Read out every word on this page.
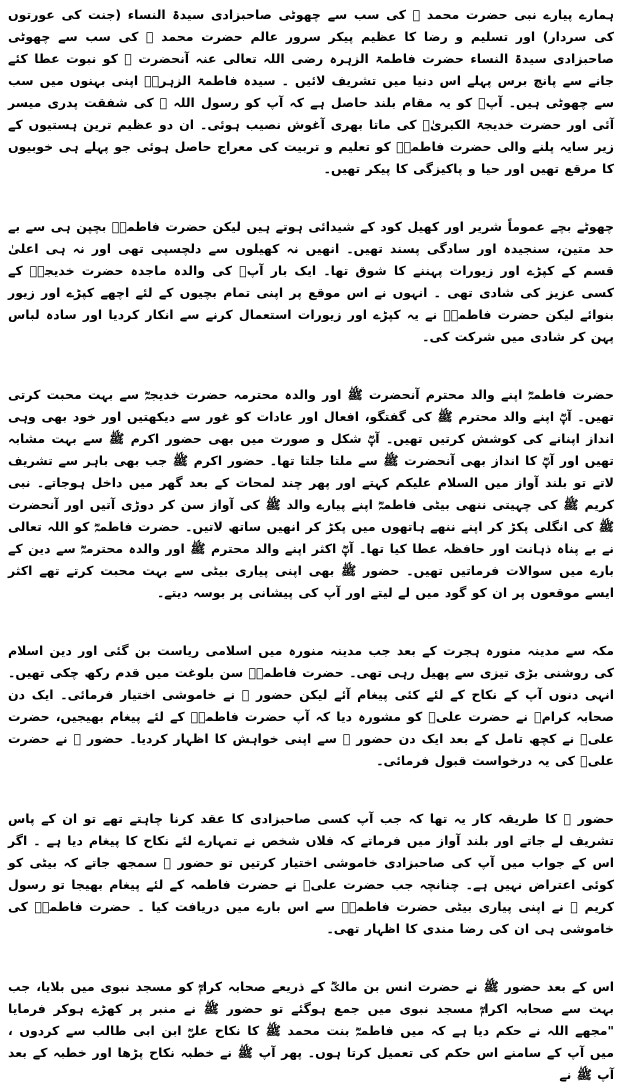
ہمارے پیارے نبی حضرت محمد ﷺ کی سب سے چھوٹی صاحبزادی سیدۃ النساء (جنت کی عورتوں کی سردار) اور تسلیم و رضا کا عظیم پیکر سرور عالم حضرت محمد ﷺ کی سب سے چھوٹی صاحبزادی سیدۃ النساء حضرت فاطمۃ الزہرہ رضی اللہ تعالی عنہ آنحضرت ﷺ کو نبوت عطا کئے جانے سے پانچ برس پہلے اس دنیا میں تشریف لائیں ۔ سیدہ فاطمۃ الزہرہؓ اپنی بہنوں میں سب سے چھوٹی ہیں۔ آپؓ کو یہ مقام بلند حاصل ہے کہ آپ کو رسول اللہ ﷺ کی شفقت پدری میسر آئی اور حضرت خدیجۃ الکبریٰؓ کی ماتا بھری آغوش نصیب ہوئی۔ ان دو عظیم ترین ہستیوں کے زیر سایہ پلنے والی حضرت فاطمہؓ کو تعلیم و تربیت کی معراج حاصل ہوئی جو پہلے ہی خوبیوں کا مرقع تھیں اور حیا و پاکیزگی کا پیکر تھیں۔

چھوٹے بچے عموماً شریر اور کھیل کود کے شیدائی ہوتے ہیں لیکن حضرت فاطمہؓ بچپن ہی سے بے حد متین، سنجیدہ اور سادگی پسند تھیں۔ انھیں نہ کھیلوں سے دلچسپی تھی اور نہ ہی اعلیٰ قسم کے کپڑے اور زیورات پہننے کا شوق تھا۔ ایک بار آپؓ کی والدہ ماجدہ حضرت خدیجہؓ کے کسی عزیز کی شادی تھی ۔ انہوں نے اس موقع پر اپنی تمام بچیوں کے لئے اچھے کپڑے اور زیور بنوائے لیکن حضرت فاطمہؓ نے یہ کپڑے اور زیورات استعمال کرنے سے انکار کردیا اور سادہ لباس پہن کر شادی میں شرکت کی۔

حضرت فاطمہؓ اپنے والد محترم آنحضرت ﷺ اور والدہ محترمہ حضرت خدیجہؓ سے بہت محبت کرتی تھیں۔ آپؓ اپنے والد محترم ﷺ کی گفتگو، افعال اور عادات کو غور سے دیکھتیں اور خود بھی وہی انداز اپنانے کی کوشش کرتیں تھیں۔ آپؓ شکل و صورت میں بھی حضور اکرم ﷺ سے بہت مشابہ تھیں اور آپؓ کا انداز بھی آنحضرت ﷺ سے ملتا جلتا تھا۔ حضور اکرم ﷺ جب بھی باہر سے تشریف لاتے تو بلند آواز میں السلام علیکم کہتے اور پھر چند لمحات کے بعد گھر میں داخل ہوجاتے۔ نبی کریم ﷺ کی چہیتی ننھی بیٹی فاطمہؓ اپنے پیارے والد ﷺ کی آواز سن کر دوڑی آتیں اور آنحضرت ﷺ کی انگلی پکڑ کر اپنے ننھے ہاتھوں میں پکڑ کر انھیں ساتھ لاتیں۔ حضرت فاطمہؓ کو اللہ تعالی نے بے پناہ ذہانت اور حافظہ عطا کیا تھا۔ آپؓ اکثر اپنے والد محترم ﷺ اور والدہ محترمہؓ سے دین کے بارے میں سوالات فرماتیں تھیں۔ حضور ﷺ بھی اپنی پیاری بیٹی سے بہت محبت کرتے تھے اکثر ایسے موقعوں پر ان کو گود میں لے لیتے اور آپ کی پیشانی پر بوسہ دیتے۔

مکہ سے مدینہ منورہ ہجرت کے بعد جب مدینہ منورہ میں اسلامی ریاست بن گئی اور دین اسلام کی روشنی بڑی تیزی سے پھیل رہی تھی۔ حضرت فاطمہؓ سن بلوغت میں قدم رکھ چکی تھیں۔ انہی دنوں آپ کے نکاح کے لئے کئی پیغام آئے لیکن حضور ﷺ نے خاموشی اختیار فرمائی۔ ایک دن صحابہ کرامؓ نے حضرت علیؓ کو مشورہ دیا کہ آپ حضرت فاطمہؓ کے لئے پیغام بھیجیں، حضرت علیؓ نے کچھ تامل کے بعد ایک دن حضور ﷺ سے اپنی خواہش کا اظہار کردیا۔ حضور ﷺ نے حضرت علیؓ کی یہ درخواست قبول فرمائی۔

حضور ﷺ کا طریقہ کار یہ تھا کہ جب آپ کسی صاحبزادی کا عقد کرنا چاہتے تھے تو ان کے پاس تشریف لے جاتے اور بلند آواز میں فرماتے کہ فلاں شخص نے تمہارے لئے نکاح کا پیغام دیا ہے ۔ اگر اس کے جواب میں آپ کی صاحبزادی خاموشی اختیار کرتیں تو حضور ﷺ سمجھ جاتے کہ بیٹی کو کوئی اعتراض نہیں ہے۔ چنانچہ جب حضرت علیؓ نے حضرت فاطمہ کے لئے پیغام بھیجا تو رسول کریم ﷺ نے اپنی پیاری بیٹی حضرت فاطمہؓ سے اس بارے میں دریافت کیا ۔ حضرت فاطمہؓ کی خاموشی ہی ان کی رضا مندی کا اظہار تھی۔

اس کے بعد حضور ﷺ نے حضرت انس بن مالکؓ کے ذریعے صحابہ کرامؓ کو مسجد نبوی میں بلایا، جب بہت سے صحابہ اکرامؓ مسجد نبوی میں جمع ہوگئے تو حضور ﷺ نے منبر پر کھڑے ہوکر فرمایا "مجھے اللہ نے حکم دیا ہے کہ میں فاطمہؓ بنت محمد ﷺ کا نکاح علیؓ ابن ابی طالب سے کردوں ، میں آپ کے سامنے اس حکم کی تعمیل کرتا ہوں۔ پھر آپ ﷺ نے خطبہ نکاح پڑھا اور خطبہ کے بعد آپ ﷺ نے
